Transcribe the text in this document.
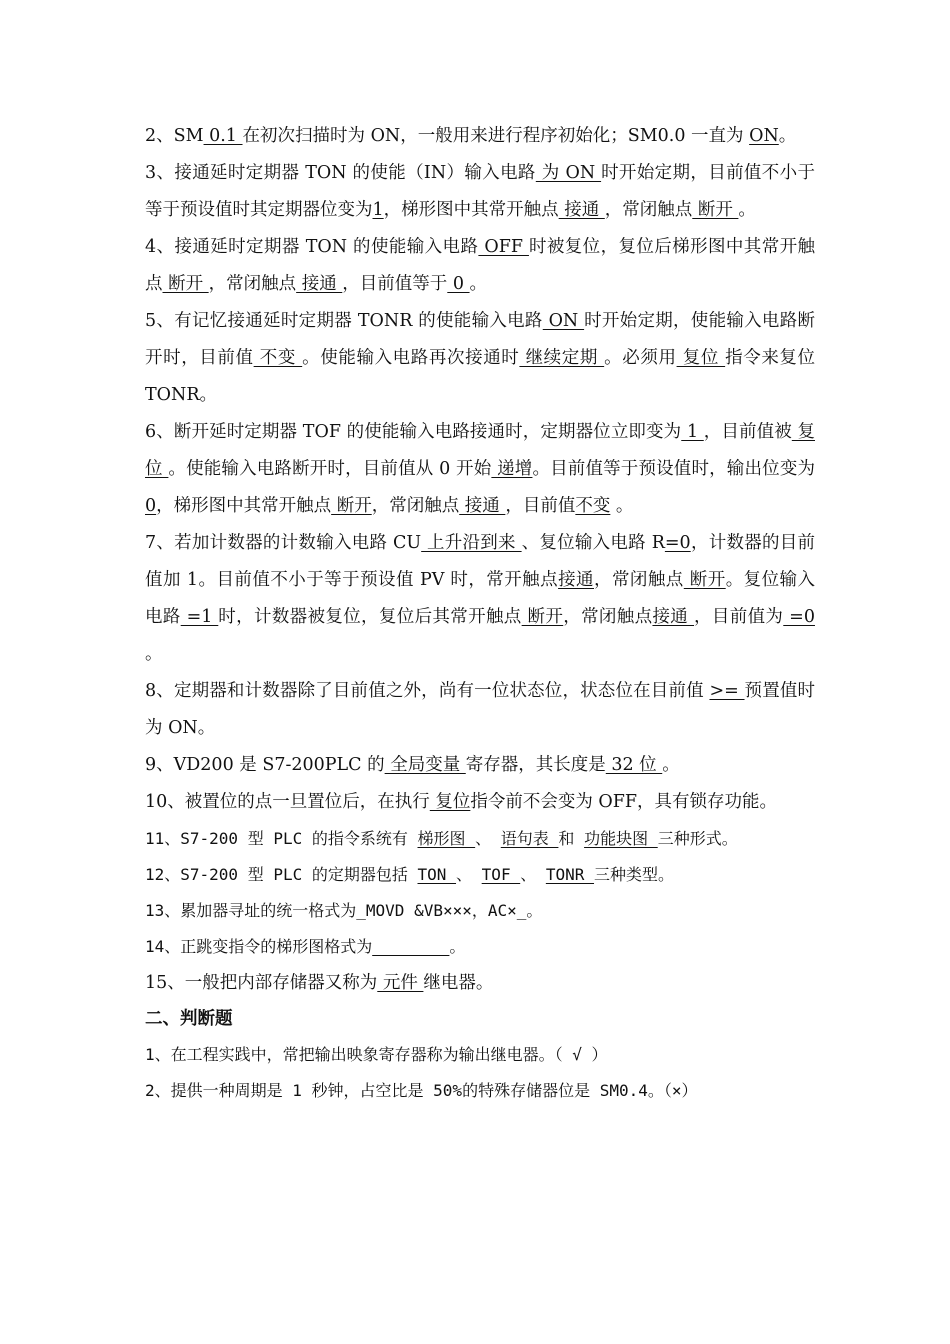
2、SM 0.1 在初次扫描时为 ON，一般用来进行程序初始化；SM0.0 一直为 ON。

3、接通延时定期器 TON 的使能（IN）输入电路 为 ON 时开始定期，目前值不小于等于预设值时其定期器位变为1，梯形图中其常开触点 接通 ，常闭触点 断开 。

4、接通延时定期器 TON 的使能输入电路 OFF 时被复位，复位后梯形图中其常开触点 断开 ，常闭触点 接通 ，目前值等于 0 。

5、有记忆接通延时定期器 TONR 的使能输入电路 ON 时开始定期，使能输入电路断开时，目前值 不变 。使能输入电路再次接通时 继续定期 。必须用 复位 指令来复位 TONR。

6、断开延时定期器 TOF 的使能输入电路接通时，定期器位立即变为 1 ，目前值被 复位 。使能输入电路断开时，目前值从 0 开始 递增。目前值等于预设值时，输出位变为0，梯形图中其常开触点 断开，常闭触点 接通 ，目前值不变 。

7、若加计数器的计数输入电路 CU 上升沿到来 、复位输入电路 R=0，计数器的目前值加 1。目前值不小于等于预设值 PV 时，常开触点接通，常闭触点 断开。复位输入电路 =1 时，计数器被复位，复位后其常开触点 断开，常闭触点接通 ，目前值为 =0 。

8、定期器和计数器除了目前值之外，尚有一位状态位，状态位在目前值 >= 预置值时为 ON。

9、VD200 是 S7-200PLC 的 全局变量 寄存器，其长度是 32 位 。

10、被置位的点一旦置位后，在执行 复位指令前不会变为 OFF，具有锁存功能。

11、S7-200 型 PLC 的指令系统有 梯形图 、 语句表 和 功能块图 三种形式。

12、S7-200 型 PLC 的定期器包括 TON 、 TOF 、 TONR 三种类型。

13、累加器寻址的统一格式为_MOVD &VB×××，AC×_。

14、正跳变指令的梯形图格式为________。

15、一般把内部存储器又称为 元件 继电器。

二、判断题

1、在工程实践中，常把输出映象寄存器称为输出继电器。（ √ ）

2、提供一种周期是 1 秒钟，占空比是 50%的特殊存储器位是 SM0.4。（×）
